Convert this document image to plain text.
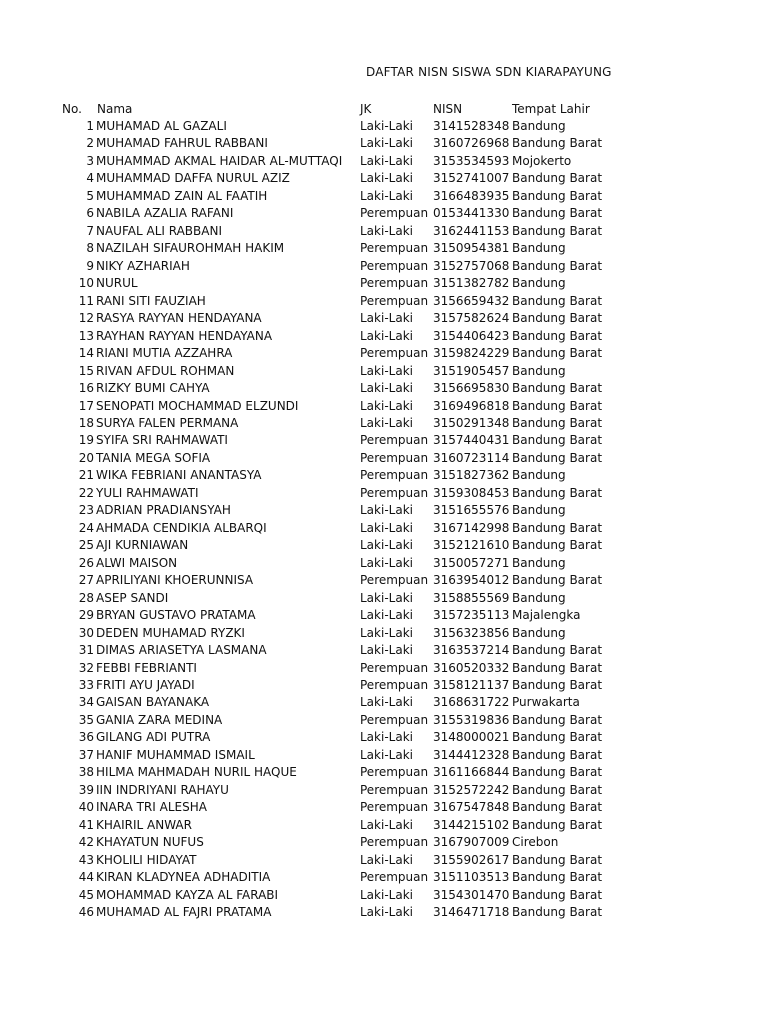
DAFTAR NISN SISWA SDN KIARAPAYUNG
No. Nama	JK	NISN	Tempat Lahir
1 MUHAMAD AL GAZALI	Laki-Laki 3141528348 Bandung
2 MUHAMAD FAHRUL RABBANI	Laki-Laki 3160726968 Bandung Barat
3 MUHAMMAD AKMAL HAIDAR AL-MUTTAQI Laki-Laki 3153534593 Mojokerto
4 MUHAMMAD DAFFA NURUL AZIZ	Laki-Laki 3152741007 Bandung Barat
5 MUHAMMAD ZAIN AL FAATIH	Laki-Laki 3166483935 Bandung Barat
6 NABILA AZALIA RAFANI	Perempuan 0153441330 Bandung Barat
7 NAUFAL ALI RABBANI	Laki-Laki 3162441153 Bandung Barat
8 NAZILAH SIFAUROHMAH HAKIM	Perempuan 3150954381 Bandung
9 NIKY AZHARIAH	Perempuan 3152757068 Bandung Barat
10 NURUL	Perempuan 3151382782 Bandung
11 RANI SITI FAUZIAH	Perempuan 3156659432 Bandung Barat
12 RASYA RAYYAN HENDAYANA	Laki-Laki 3157582624 Bandung Barat
13 RAYHAN RAYYAN HENDAYANA	Laki-Laki 3154406423 Bandung Barat
14 RIANI MUTIA AZZAHRA	Perempuan 3159824229 Bandung Barat
15 RIVAN AFDUL ROHMAN	Laki-Laki 3151905457 Bandung
16 RIZKY BUMI CAHYA	Laki-Laki 3156695830 Bandung Barat
17 SENOPATI MOCHAMMAD ELZUNDI	Laki-Laki 3169496818 Bandung Barat
18 SURYA FALEN PERMANA	Laki-Laki 3150291348 Bandung Barat
19 SYIFA SRI RAHMAWATI	Perempuan 3157440431 Bandung Barat
20 TANIA MEGA SOFIA	Perempuan 3160723114 Bandung Barat
21 WIKA FEBRIANI ANANTASYA	Perempuan 3151827362 Bandung
22 YULI RAHMAWATI	Perempuan 3159308453 Bandung Barat
23 ADRIAN PRADIANSYAH	Laki-Laki 3151655576 Bandung
24 AHMADA CENDIKIA ALBARQI	Laki-Laki 3167142998 Bandung Barat
25 AJI KURNIAWAN	Laki-Laki 3152121610 Bandung Barat
26 ALWI MAISON	Laki-Laki 3150057271 Bandung
27 APRILIYANI KHOERUNNISA	Perempuan 3163954012 Bandung Barat
28 ASEP SANDI	Laki-Laki 3158855569 Bandung
29 BRYAN GUSTAVO PRATAMA	Laki-Laki 3157235113 Majalengka
30 DEDEN MUHAMAD RYZKI	Laki-Laki 3156323856 Bandung
31 DIMAS ARIASETYA LASMANA	Laki-Laki 3163537214 Bandung Barat
32 FEBBI FEBRIANTI	Perempuan 3160520332 Bandung Barat
33 FRITI AYU JAYADI	Perempuan 3158121137 Bandung Barat
34 GAISAN BAYANAKA	Laki-Laki 3168631722 Purwakarta
35 GANIA ZARA MEDINA	Perempuan 3155319836 Bandung Barat
36 GILANG ADI PUTRA	Laki-Laki 3148000021 Bandung Barat
37 HANIF MUHAMMAD ISMAIL	Laki-Laki 3144412328 Bandung Barat
38 HILMA MAHMADAH NURIL HAQUE	Perempuan 3161166844 Bandung Barat
39 IIN INDRIYANI RAHAYU	Perempuan 3152572242 Bandung Barat
40 INARA TRI ALESHA	Perempuan 3167547848 Bandung Barat
41 KHAIRIL ANWAR	Laki-Laki 3144215102 Bandung Barat
42 KHAYATUN NUFUS	Perempuan 3167907009 Cirebon
43 KHOLILI HIDAYAT	Laki-Laki 3155902617 Bandung Barat
44 KIRAN KLADYNEA ADHADITIA	Perempuan 3151103513 Bandung Barat
45 MOHAMMAD KAYZA AL FARABI	Laki-Laki 3154301470 Bandung Barat
46 MUHAMAD AL FAJRI PRATAMA	Laki-Laki 3146471718 Bandung Barat
